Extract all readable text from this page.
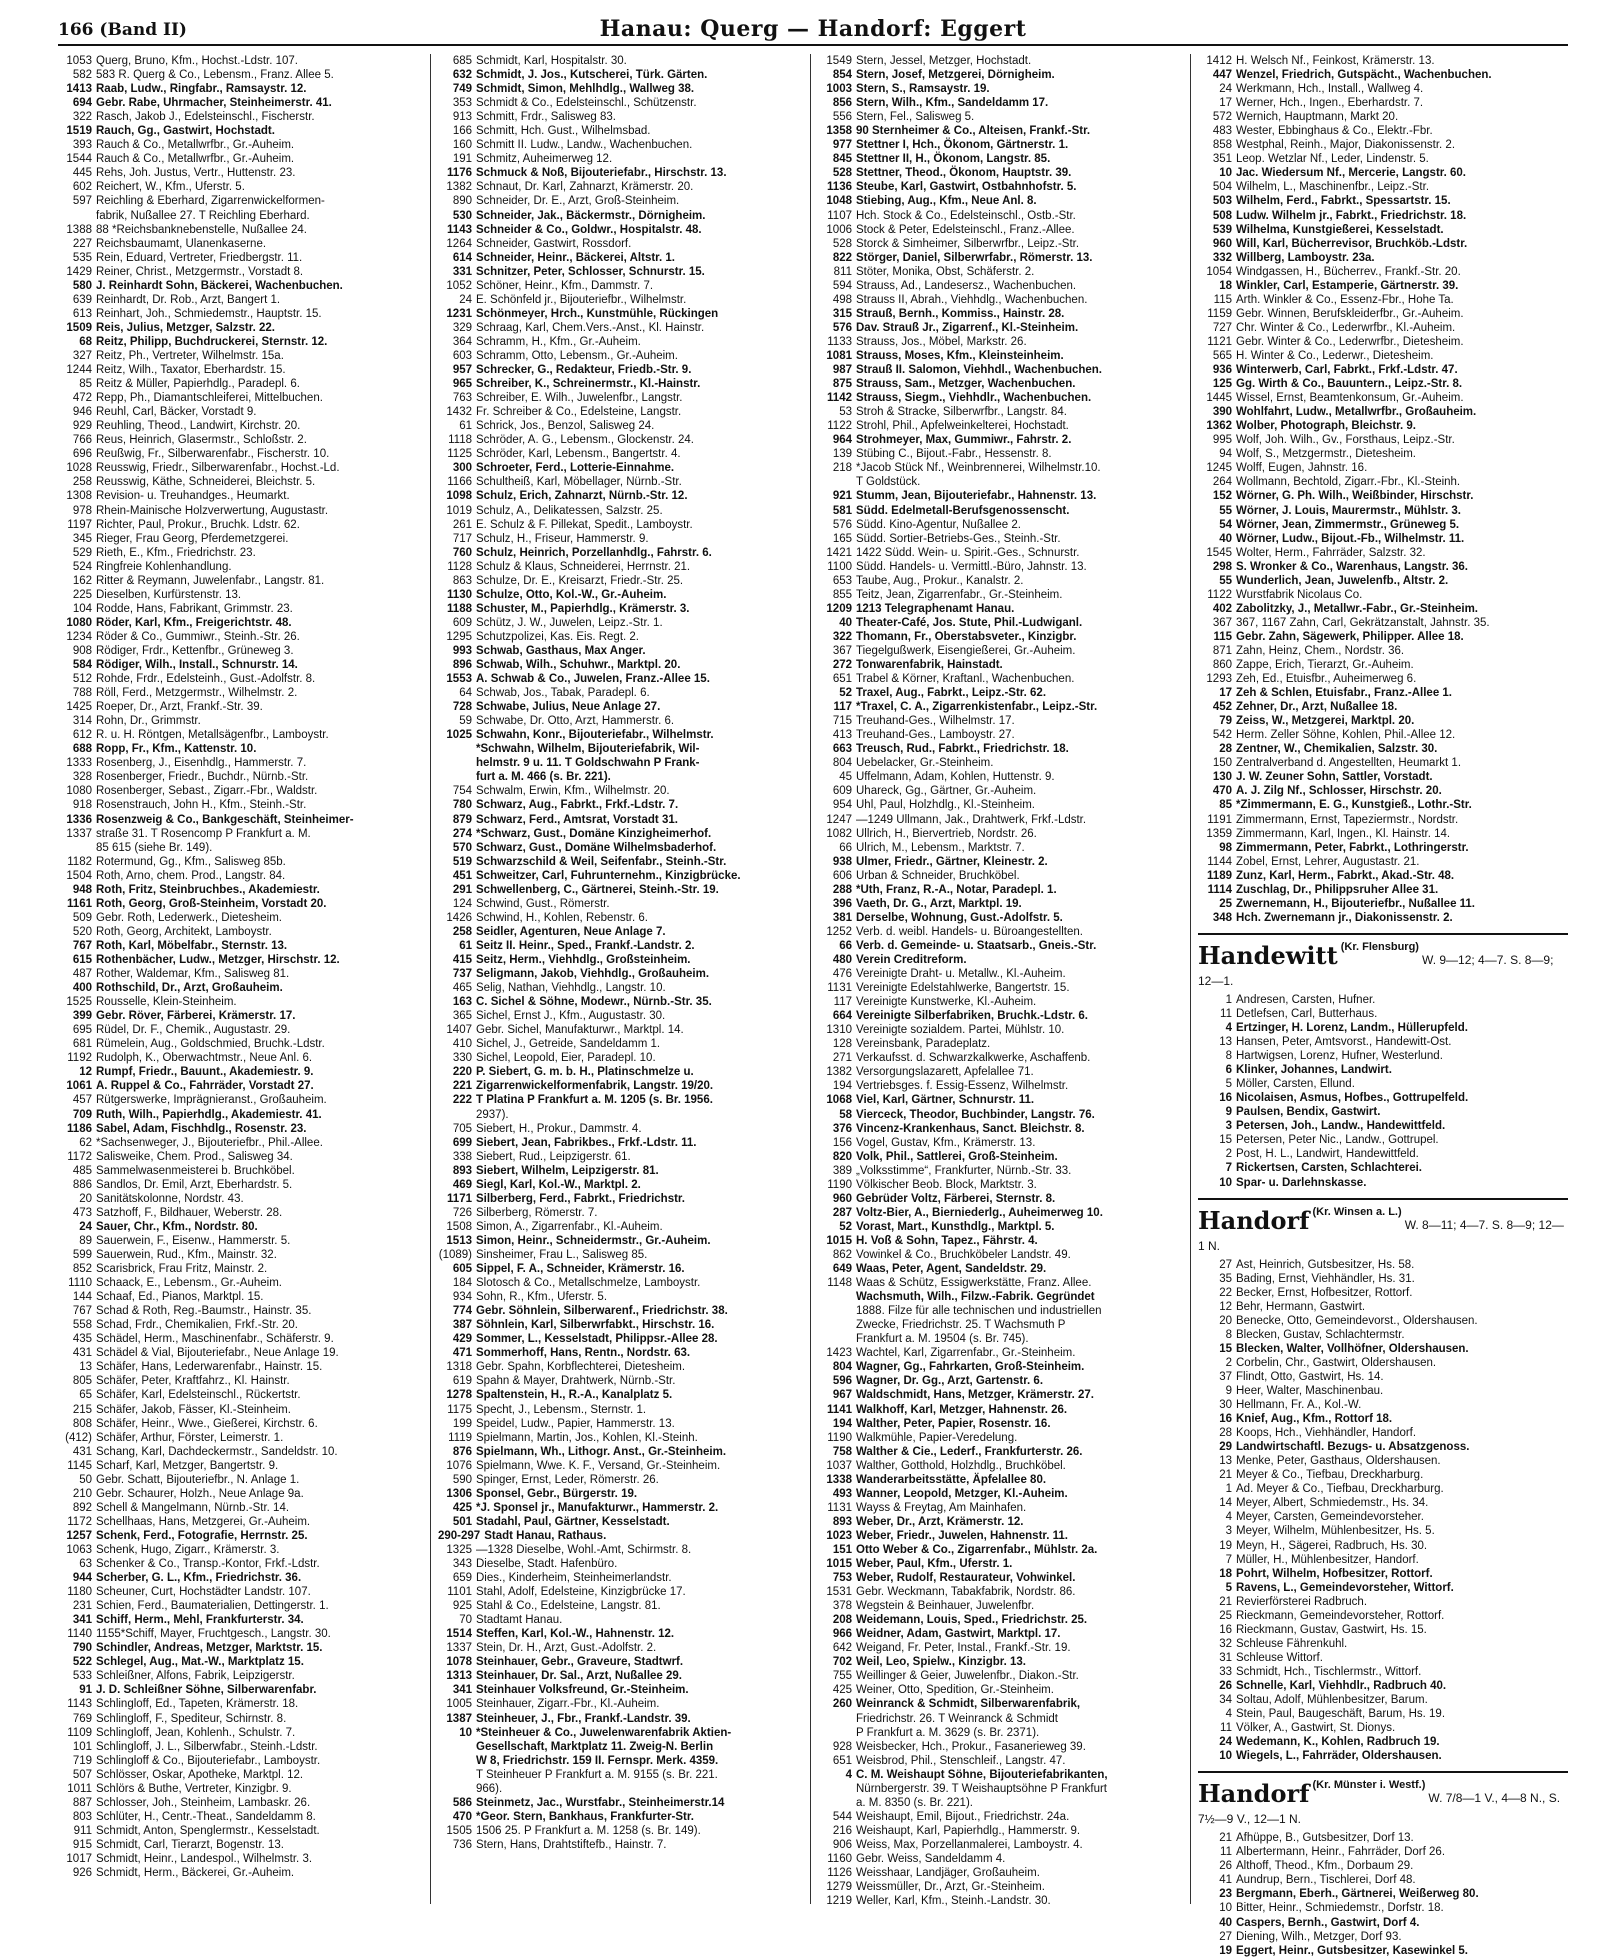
166 (Band II)	Hanau: Querg — Handorf: Eggert
1053 Querg, Bruno, Kfm., Hochst.-Ldstr. 107.
582 583 R. Querg & Co., Lebensm., Franz. Allee 5.
1413 Raab, Ludw., Ringfabr., Ramsaystr. 12.
694 Gebr. Rabe, Uhrmacher, Steinheimerstr. 41.
322 Rasch, Jakob J., Edelsteinschl., Fischerstr.
1519 Rauch, Gg., Gastwirt, Hochstadt.
393 Rauch & Co., Metallwrfbr., Gr.-Auheim.
1544 Rauch & Co., Metallwrfbr., Gr.-Auheim.
445 Rehs, Joh. Justus, Vertr., Huttenstr. 23.
602 Reichert, W., Kfm., Uferstr. 5.
597 Reichling & Eberhard, Zigarrenwickelformen-
fabrik, Nußallee 27. T Reichling Eberhard.
1388 88 *Reichsbanknebenstelle, Nußallee 24.
227 Reichsbaumamt, Ulanenkaserne.
535 Rein, Eduard, Vertreter, Friedbergstr. 11.
1429 Reiner, Christ., Metzgermstr., Vorstadt 8.
580 J. Reinhardt Sohn, Bäckerei, Wachenbuchen.
639 Reinhardt, Dr. Rob., Arzt, Bangert 1.
613 Reinhart, Joh., Schmiedemstr., Hauptstr. 15.
1509 Reis, Julius, Metzger, Salzstr. 22.
68 Reitz, Philipp, Buchdruckerei, Sternstr. 12.
327 Reitz, Ph., Vertreter, Wilhelmstr. 15a.
1244 Reitz, Wilh., Taxator, Eberhardstr. 15.
85 Reitz & Müller, Papierhdlg., Paradepl. 6.
472 Repp, Ph., Diamantschleiferei, Mittelbuchen.
946 Reuhl, Carl, Bäcker, Vorstadt 9.
929 Reuhling, Theod., Landwirt, Kirchstr. 20.
766 Reus, Heinrich, Glasermstr., Schloßstr. 2.
696 Reußwig, Fr., Silberwarenfabr., Fischerstr. 10.
1028 Reusswig, Friedr., Silberwarenfabr., Hochst.-Ld.
258 Reusswig, Käthe, Schneiderei, Bleichstr. 5.
1308 Revision- u. Treuhandges., Heumarkt.
978 Rhein-Mainische Holzverwertung, Augustastr.
1197 Richter, Paul, Prokur., Bruchk. Ldstr. 62.
345 Rieger, Frau Georg, Pferdemetzgerei.
529 Rieth, E., Kfm., Friedrichstr. 23.
524 Ringfreie Kohlenhandlung.
162 Ritter & Reymann, Juwelenfabr., Langstr. 81.
225 Dieselben, Kurfürstenstr. 13.
104 Rodde, Hans, Fabrikant, Grimmstr. 23.
1080 Röder, Karl, Kfm., Freigerichtstr. 48.
1234 Röder & Co., Gummiwr., Steinh.-Str. 26.
908 Rödiger, Frdr., Kettenfbr., Grüneweg 3.
584 Rödiger, Wilh., Install., Schnurstr. 14.
512 Rohde, Frdr., Edelsteinh., Gust.-Adolfstr. 8.
788 Röll, Ferd., Metzgermstr., Wilhelmstr. 2.
1425 Roeper, Dr., Arzt, Frankf.-Str. 39.
314 Rohn, Dr., Grimmstr.
612 R. u. H. Röntgen, Metallsägenfbr., Lamboystr.
688 Ropp, Fr., Kfm., Kattenstr. 10.
1333 Rosenberg, J., Eisenhdlg., Hammerstr. 7.
328 Rosenberger, Friedr., Buchdr., Nürnb.-Str.
1080 Rosenberger, Sebast., Zigarr.-Fbr., Waldstr.
918 Rosenstrauch, John H., Kfm., Steinh.-Str.
1336 Rosenzweig & Co., Bankgeschäft, Steinheimer-
1337 straße 31. T Rosencomp P Frankfurt a. M.
85 615 (siehe Br. 149).
1182 Rotermund, Gg., Kfm., Salisweg 85b.
1504 Roth, Arno, chem. Prod., Langstr. 84.
948 Roth, Fritz, Steinbruchbes., Akademiestr.
1161 Roth, Georg, Groß-Steinheim, Vorstadt 20.
509 Gebr. Roth, Lederwerk., Dietesheim.
520 Roth, Georg, Architekt, Lamboystr.
767 Roth, Karl, Möbelfabr., Sternstr. 13.
615 Rothenbächer, Ludw., Metzger, Hirschstr. 12.
487 Rother, Waldemar, Kfm., Salisweg 81.
400 Rothschild, Dr., Arzt, Großauheim.
1525 Rousselle, Klein-Steinheim.
399 Gebr. Röver, Färberei, Krämerstr. 17.
695 Rüdel, Dr. F., Chemik., Augustastr. 29.
681 Rümelein, Aug., Goldschmied, Bruchk.-Ldstr.
1192 Rudolph, K., Oberwachtmstr., Neue Anl. 6.
12 Rumpf, Friedr., Bauunt., Akademiestr. 9.
1061 A. Ruppel & Co., Fahrräder, Vorstadt 27.
457 Rütgerswerke, Imprägnieranst., Großauheim.
709 Ruth, Wilh., Papierhdlg., Akademiestr. 41.
1186 Sabel, Adam, Fischhdlg., Rosenstr. 23.
62 *Sachsenweger, J., Bijouteriefbr., Phil.-Allee.
1172 Salisweike, Chem. Prod., Salisweg 34.
485 Sammelwasenmeisterei b. Bruchköbel.
886 Sandlos, Dr. Emil, Arzt, Eberhardstr. 5.
20 Sanitätskolonne, Nordstr. 43.
473 Satzhoff, F., Bildhauer, Weberstr. 28.
24 Sauer, Chr., Kfm., Nordstr. 80.
89 Sauerwein, F., Eisenw., Hammerstr. 5.
599 Sauerwein, Rud., Kfm., Mainstr. 32.
852 Scarisbrick, Frau Fritz, Mainstr. 2.
1110 Schaack, E., Lebensm., Gr.-Auheim.
144 Schaaf, Ed., Pianos, Marktpl. 15.
767 Schad & Roth, Reg.-Baumstr., Hainstr. 35.
558 Schad, Frdr., Chemikalien, Frkf.-Str. 20.
435 Schädel, Herm., Maschinenfabr., Schäferstr. 9.
431 Schädel & Vial, Bijouteriefabr., Neue Anlage 19.
13 Schäfer, Hans, Lederwarenfabr., Hainstr. 15.
805 Schäfer, Peter, Kraftfahrz., Kl. Hainstr.
65 Schäfer, Karl, Edelsteinschl., Rückertstr.
215 Schäfer, Jakob, Fässer, Kl.-Steinheim.
808 Schäfer, Heinr., Wwe., Gießerei, Kirchstr. 6.
(412) Schäfer, Arthur, Förster, Leimerstr. 1.
431 Schang, Karl, Dachdeckermstr., Sandeldstr. 10.
1145 Scharf, Karl, Metzger, Bangertstr. 9.
50 Gebr. Schatt, Bijouteriefbr., N. Anlage 1.
210 Gebr. Schaurer, Holzh., Neue Anlage 9a.
892 Schell & Mangelmann, Nürnb.-Str. 14.
1172 Schellhaas, Hans, Metzgerei, Gr.-Auheim.
1257 Schenk, Ferd., Fotografie, Herrnstr. 25.
1063 Schenk, Hugo, Zigarr., Krämerstr. 3.
63 Schenker & Co., Transp.-Kontor, Frkf.-Ldstr.
944 Scherber, G. L., Kfm., Friedrichstr. 36.
1180 Scheuner, Curt, Hochstädter Landstr. 107.
231 Schien, Ferd., Baumaterialien, Dettingerstr. 1.
341 Schiff, Herm., Mehl, Frankfurterstr. 34.
1140 1155*Schiff, Mayer, Fruchtgesch., Langstr. 30.
790 Schindler, Andreas, Metzger, Marktstr. 15.
522 Schlegel, Aug., Mat.-W., Marktplatz 15.
533 Schleißner, Alfons, Fabrik, Leipzigerstr.
91 J. D. Schleißner Söhne, Silberwarenfabr.
1143 Schlingloff, Ed., Tapeten, Krämerstr. 18.
769 Schlingloff, F., Spediteur, Schirnstr. 8.
1109 Schlingloff, Jean, Kohlenh., Schulstr. 7.
101 Schlingloff, J. L., Silberwfabr., Steinh.-Ldstr.
719 Schlingloff & Co., Bijouteriefabr., Lamboystr.
507 Schlösser, Oskar, Apotheke, Marktpl. 12.
1011 Schlörs & Buthe, Vertreter, Kinzigbr. 9.
887 Schlosser, Joh., Steinheim, Lambaskr. 26.
803 Schlüter, H., Centr.-Theat., Sandeldamm 8.
911 Schmidt, Anton, Spenglermstr., Kesselstadt.
915 Schmidt, Carl, Tierarzt, Bogenstr. 13.
1017 Schmidt, Heinr., Landespol., Wilhelmstr. 3.
926 Schmidt, Herm., Bäckerei, Gr.-Auheim.
685 Schmidt, Karl, Hospitalstr. 30.
632 Schmidt, J. Jos., Kutscherei, Türk. Gärten.
749 Schmidt, Simon, Mehlhdlg., Wallweg 38.
353 Schmidt & Co., Edelsteinschl., Schützenstr.
913 Schmitt, Frdr., Salisweg 83.
166 Schmitt, Hch. Gust., Wilhelmsbad.
160 Schmitt II. Ludw., Landw., Wachenbuchen.
191 Schmitz, Auheimerweg 12.
1176 Schmuck & Noß, Bijouteriefabr., Hirschstr. 13.
1382 Schnaut, Dr. Karl, Zahnarzt, Krämerstr. 20.
890 Schneider, Dr. E., Arzt, Groß-Steinheim.
530 Schneider, Jak., Bäckermstr., Dörnigheim.
1143 Schneider & Co., Goldwr., Hospitalstr. 48.
1264 Schneider, Gastwirt, Rossdorf.
614 Schneider, Heinr., Bäckerei, Altstr. 1.
331 Schnitzer, Peter, Schlosser, Schnurstr. 15.
1052 Schöner, Heinr., Kfm., Dammstr. 7.
24 E. Schönfeld jr., Bijouteriefbr., Wilhelmstr.
1231 Schönmeyer, Hrch., Kunstmühle, Rückingen
329 Schraag, Karl, Chem.Vers.-Anst., Kl. Hainstr.
364 Schramm, H., Kfm., Gr.-Auheim.
603 Schramm, Otto, Lebensm., Gr.-Auheim.
957 Schrecker, G., Redakteur, Friedb.-Str. 9.
965 Schreiber, K., Schreinermstr., Kl.-Hainstr.
763 Schreiber, E. Wilh., Juwelenfbr., Langstr.
1432 Fr. Schreiber & Co., Edelsteine, Langstr.
61 Schrick, Jos., Benzol, Salisweg 24.
1118 Schröder, A. G., Lebensm., Glockenstr. 24.
1125 Schröder, Karl, Lebensm., Bangertstr. 4.
300 Schroeter, Ferd., Lotterie-Einnahme.
1166 Schultheiß, Karl, Möbellager, Nürnb.-Str.
1098 Schulz, Erich, Zahnarzt, Nürnb.-Str. 12.
1019 Schulz, A., Delikatessen, Salzstr. 25.
261 E. Schulz & F. Pillekat, Spedit., Lamboystr.
717 Schulz, H., Friseur, Hammerstr. 9.
760 Schulz, Heinrich, Porzellanhdlg., Fahrstr. 6.
1128 Schulz & Klaus, Schneiderei, Herrnstr. 21.
863 Schulze, Dr. E., Kreisarzt, Friedr.-Str. 25.
1130 Schulze, Otto, Kol.-W., Gr.-Auheim.
1188 Schuster, M., Papierhdlg., Krämerstr. 3.
609 Schütz, J. W., Juwelen, Leipz.-Str. 1.
1295 Schutzpolizei, Kas. Eis. Regt. 2.
993 Schwab, Gasthaus, Max Anger.
896 Schwab, Wilh., Schuhwr., Marktpl. 20.
1553 A. Schwab & Co., Juwelen, Franz.-Allee 15.
64 Schwab, Jos., Tabak, Paradepl. 6.
728 Schwabe, Julius, Neue Anlage 27.
59 Schwabe, Dr. Otto, Arzt, Hammerstr. 6.
1025 Schwahn, Konr., Bijouteriefabr., Wilhelmstr.
*Schwahn, Wilhelm, Bijouteriefabrik, Wil-
helmstr. 9 u. 11. T Goldschwahn P Frank-
furt a. M. 466 (s. Br. 221).
754 Schwalm, Erwin, Kfm., Wilhelmstr. 20.
780 Schwarz, Aug., Fabrkt., Frkf.-Ldstr. 7.
879 Schwarz, Ferd., Amtsrat, Vorstadt 31.
274 *Schwarz, Gust., Domäne Kinzigheimerhof.
570 Schwarz, Gust., Domäne Wilhelmsbaderhof.
519 Schwarzschild & Weil, Seifenfabr., Steinh.-Str.
451 Schweitzer, Carl, Fuhrunternehm., Kinzigbrücke.
291 Schwellenberg, C., Gärtnerei, Steinh.-Str. 19.
124 Schwind, Gust., Römerstr.
1426 Schwind, H., Kohlen, Rebenstr. 6.
258 Seidler, Agenturen, Neue Anlage 7.
61 Seitz II. Heinr., Sped., Frankf.-Landstr. 2.
415 Seitz, Herm., Viehhdlg., Großsteinheim.
737 Seligmann, Jakob, Viehhdlg., Großauheim.
465 Selig, Nathan, Viehhdlg., Langstr. 10.
163 C. Sichel & Söhne, Modewr., Nürnb.-Str. 35.
365 Sichel, Ernst J., Kfm., Augustastr. 30.
1407 Gebr. Sichel, Manufakturwr., Marktpl. 14.
410 Sichel, J., Getreide, Sandeldamm 1.
330 Sichel, Leopold, Eier, Paradepl. 10.
220 P. Siebert, G. m. b. H., Platinschmelze u.
221 Zigarrenwickelformenfabrik, Langstr. 19/20.
222 T Platina P Frankfurt a. M. 1205 (s. Br. 1956.
2937).
705 Siebert, H., Prokur., Dammstr. 4.
699 Siebert, Jean, Fabrikbes., Frkf.-Ldstr. 11.
338 Siebert, Rud., Leipzigerstr. 61.
893 Siebert, Wilhelm, Leipzigerstr. 81.
469 Siegl, Karl, Kol.-W., Marktpl. 2.
1171 Silberberg, Ferd., Fabrkt., Friedrichstr.
726 Silberberg, Römerstr. 7.
1508 Simon, A., Zigarrenfabr., Kl.-Auheim.
1513 Simon, Heinr., Schneidermstr., Gr.-Auheim.
(1089) Sinsheimer, Frau L., Salisweg 85.
605 Sippel, F. A., Schneider, Krämerstr. 16.
184 Slotosch & Co., Metallschmelze, Lamboystr.
934 Sohn, R., Kfm., Uferstr. 5.
774 Gebr. Söhnlein, Silberwarenf., Friedrichstr. 38.
387 Söhnlein, Karl, Silberwrfabkt., Hirschstr. 16.
429 Sommer, L., Kesselstadt, Philippsr.-Allee 28.
471 Sommerhoff, Hans, Rentn., Nordstr. 63.
1318 Gebr. Spahn, Korbflechterei, Dietesheim.
619 Spahn & Mayer, Drahtwerk, Nürnb.-Str.
1278 Spaltenstein, H., R.-A., Kanalplatz 5.
1175 Specht, J., Lebensm., Sternstr. 1.
199 Speidel, Ludw., Papier, Hammerstr. 13.
1119 Spielmann, Martin, Jos., Kohlen, Kl.-Steinh.
876 Spielmann, Wh., Lithogr. Anst., Gr.-Steinheim.
1076 Spielmann, Wwe. K. F., Versand, Gr.-Steinheim.
590 Spinger, Ernst, Leder, Römerstr. 26.
1306 Sponsel, Gebr., Bürgerstr. 19.
425 *J. Sponsel jr., Manufakturwr., Hammerstr. 2.
501 Stadahl, Paul, Gärtner, Kesselstadt.
290-297 Stadt Hanau, Rathaus.
1325 —1328 Dieselbe, Wohl.-Amt, Schirmstr. 8.
343 Dieselbe, Stadt. Hafenbüro.
659 Dies., Kinderheim, Steinheimerlandstr.
1101 Stahl, Adolf, Edelsteine, Kinzigbrücke 17.
925 Stahl & Co., Edelsteine, Langstr. 81.
70 Stadtamt Hanau.
1514 Steffen, Karl, Kol.-W., Hahnenstr. 12.
1337 Stein, Dr. H., Arzt, Gust.-Adolfstr. 2.
1078 Steinhauer, Gebr., Graveure, Stadtwrf.
1313 Steinhauer, Dr. Sal., Arzt, Nußallee 29.
341 Steinhauer Volksfreund, Gr.-Steinheim.
1005 Steinhauer, Zigarr.-Fbr., Kl.-Auheim.
1387 Steinheuer, J., Fbr., Frankf.-Landstr. 39.
10 *Steinheuer & Co., Juwelenwarenfabrik Aktien-
Gesellschaft, Marktplatz 11. Zweig-N. Berlin
W 8, Friedrichstr. 159 II. Fernspr. Merk. 4359.
T Steinheuer P Frankfurt a. M. 9155 (s. Br. 221.
966).
586 Steinmetz, Jac., Wurstfabr., Steinheimerstr.14
470 *Geor. Stern, Bankhaus, Frankfurter-Str.
1505 1506 25. P Frankfurt a. M. 1258 (s. Br. 149).
736 Stern, Hans, Drahtstiftefb., Hainstr. 7.
1549 Stern, Jessel, Metzger, Hochstadt.
854 Stern, Josef, Metzgerei, Dörnigheim.
1003 Stern, S., Ramsaystr. 19.
856 Stern, Wilh., Kfm., Sandeldamm 17.
556 Stern, Fel., Salisweg 5.
1358 90 Sternheimer & Co., Alteisen, Frankf.-Str.
977 Stettner I, Hch., Ökonom, Gärtnerstr. 1.
845 Stettner II, H., Ökonom, Langstr. 85.
528 Stettner, Theod., Ökonom, Hauptstr. 39.
1136 Steube, Karl, Gastwirt, Ostbahnhofstr. 5.
1048 Stiebing, Aug., Kfm., Neue Anl. 8.
1107 Hch. Stock & Co., Edelsteinschl., Ostb.-Str.
1006 Stock & Peter, Edelsteinschl., Franz.-Allee.
528 Storck & Simheimer, Silberwrfbr., Leipz.-Str.
822 Störger, Daniel, Silberwrfabr., Römerstr. 13.
811 Stöter, Monika, Obst, Schäferstr. 2.
594 Strauss, Ad., Landesersz., Wachenbuchen.
498 Strauss II, Abrah., Viehhdlg., Wachenbuchen.
315 Strauß, Bernh., Kommiss., Hainstr. 28.
576 Dav. Strauß Jr., Zigarrenf., Kl.-Steinheim.
1133 Strauss, Jos., Möbel, Markstr. 26.
1081 Strauss, Moses, Kfm., Kleinsteinheim.
987 Strauß II. Salomon, Viehhdl., Wachenbuchen.
875 Strauss, Sam., Metzger, Wachenbuchen.
1142 Strauss, Siegm., Viehhdlr., Wachenbuchen.
53 Stroh & Stracke, Silberwrfbr., Langstr. 84.
1122 Strohl, Phil., Apfelweinkelterei, Hochstadt.
964 Strohmeyer, Max, Gummiwr., Fahrstr. 2.
139 Stübing C., Bijout.-Fabr., Hessenstr. 8.
218 *Jacob Stück Nf., Weinbrennerei, Wilhelmstr.10.
T Goldstück.
921 Stumm, Jean, Bijouteriefabr., Hahnenstr. 13.
581 Südd. Edelmetall-Berufsgenossenscht.
576 Südd. Kino-Agentur, Nußallee 2.
165 Südd. Sortier-Betriebs-Ges., Steinh.-Str.
1421 1422 Südd. Wein- u. Spirit.-Ges., Schnurstr.
1100 Südd. Handels- u. Vermittl.-Büro, Jahnstr. 13.
653 Taube, Aug., Prokur., Kanalstr. 2.
855 Teitz, Jean, Zigarrenfabr., Gr.-Steinheim.
1209 1213 Telegraphenamt Hanau.
40 Theater-Café, Jos. Stute, Phil.-Ludwiganl.
322 Thomann, Fr., Oberstabsveter., Kinzigbr.
367 Tiegelgußwerk, Eisengießerei, Gr.-Auheim.
272 Tonwarenfabrik, Hainstadt.
651 Trabel & Körner, Kraftanl., Wachenbuchen.
52 Traxel, Aug., Fabrkt., Leipz.-Str. 62.
117 *Traxel, C. A., Zigarrenkistenfabr., Leipz.-Str.
715 Treuhand-Ges., Wilhelmstr. 17.
413 Treuhand-Ges., Lamboystr. 27.
663 Treusch, Rud., Fabrkt., Friedrichstr. 18.
804 Uebelacker, Gr.-Steinheim.
45 Uffelmann, Adam, Kohlen, Huttenstr. 9.
609 Uhareck, Gg., Gärtner, Gr.-Auheim.
954 Uhl, Paul, Holzhdlg., Kl.-Steinheim.
1247 —1249 Ullmann, Jak., Drahtwerk, Frkf.-Ldstr.
1082 Ullrich, H., Biervertrieb, Nordstr. 26.
66 Ulrich, M., Lebensm., Marktstr. 7.
938 Ulmer, Friedr., Gärtner, Kleinestr. 2.
606 Urban & Schneider, Bruchköbel.
288 *Uth, Franz, R.-A., Notar, Paradepl. 1.
396 Vaeth, Dr. G., Arzt, Marktpl. 19.
381 Derselbe, Wohnung, Gust.-Adolfstr. 5.
1252 Verb. d. weibl. Handels- u. Büroangestellten.
66 Verb. d. Gemeinde- u. Staatsarb., Gneis.-Str.
480 Verein Creditreform.
476 Vereinigte Draht- u. Metallw., Kl.-Auheim.
1131 Vereinigte Edelstahlwerke, Bangertstr. 15.
117 Vereinigte Kunstwerke, Kl.-Auheim.
664 Vereinigte Silberfabriken, Bruchk.-Ldstr. 6.
1310 Vereinigte sozialdem. Partei, Mühlstr. 10.
128 Vereinsbank, Paradeplatz.
271 Verkaufsst. d. Schwarzkalkwerke, Aschaffenb.
1382 Versorgungslazarett, Apfelallee 71.
194 Vertriebsges. f. Essig-Essenz, Wilhelmstr.
1068 Viel, Karl, Gärtner, Schnurstr. 11.
58 Vierceck, Theodor, Buchbinder, Langstr. 76.
376 Vincenz-Krankenhaus, Sanct. Bleichstr. 8.
156 Vogel, Gustav, Kfm., Krämerstr. 13.
820 Volk, Phil., Sattlerei, Groß-Steinheim.
389 „Volksstimme“, Frankfurter, Nürnb.-Str. 33.
1190 Völkischer Beob. Block, Marktstr. 3.
960 Gebrüder Voltz, Färberei, Sternstr. 8.
287 Voltz-Bier, A., Bierniederlg., Auheimerweg 10.
52 Vorast, Mart., Kunsthdlg., Marktpl. 5.
1015 H. Voß & Sohn, Tapez., Fährstr. 4.
862 Vowinkel & Co., Bruchköbeler Landstr. 49.
649 Waas, Peter, Agent, Sandeldstr. 29.
1148 Waas & Schütz, Essigwerkstätte, Franz. Allee.
Wachsmuth, Wilh., Filzw.-Fabrik. Gegründet
1888. Filze für alle technischen und industriellen
Zwecke, Friedrichstr. 25. T Wachsmuth P
Frankfurt a. M. 19504 (s. Br. 745).
1423 Wachtel, Karl, Zigarrenfabr., Gr.-Steinheim.
804 Wagner, Gg., Fahrkarten, Groß-Steinheim.
596 Wagner, Dr. Gg., Arzt, Gartenstr. 6.
967 Waldschmidt, Hans, Metzger, Krämerstr. 27.
1141 Walkhoff, Karl, Metzger, Hahnenstr. 26.
194 Walther, Peter, Papier, Rosenstr. 16.
1190 Walkmühle, Papier-Veredelung.
758 Walther & Cie., Lederf., Frankfurterstr. 26.
1037 Walther, Gotthold, Holzhdlg., Bruchköbel.
1338 Wanderarbeitsstätte, Äpfelallee 80.
493 Wanner, Leopold, Metzger, Kl.-Auheim.
1131 Wayss & Freytag, Am Mainhafen.
893 Weber, Dr., Arzt, Krämerstr. 12.
1023 Weber, Friedr., Juwelen, Hahnenstr. 11.
151 Otto Weber & Co., Zigarrenfabr., Mühlstr. 2a.
1015 Weber, Paul, Kfm., Uferstr. 1.
753 Weber, Rudolf, Restaurateur, Vohwinkel.
1531 Gebr. Weckmann, Tabakfabrik, Nordstr. 86.
378 Wegstein & Beinhauer, Juwelenfbr.
208 Weidemann, Louis, Sped., Friedrichstr. 25.
966 Weidner, Adam, Gastwirt, Marktpl. 17.
642 Weigand, Fr. Peter, Instal., Frankf.-Str. 19.
702 Weil, Leo, Spielw., Kinzigbr. 13.
755 Weillinger & Geier, Juwelenfbr., Diakon.-Str.
425 Weiner, Otto, Spedition, Gr.-Steinheim.
260 Weinranck & Schmidt, Silberwarenfabrik,
Friedrichstr. 26. T Weinranck & Schmidt
P Frankfurt a. M. 3629 (s. Br. 2371).
928 Weisbecker, Hch., Prokur., Fasanerieweg 39.
651 Weisbrod, Phil., Stenschleif., Langstr. 47.
4 C. M. Weishaupt Söhne, Bijouteriefabrikanten,
Nürnbergerstr. 39. T Weishauptsöhne P Frankfurt
a. M. 8350 (s. Br. 221).
544 Weishaupt, Emil, Bijout., Friedrichstr. 24a.
216 Weishaupt, Karl, Papierhdlg., Hammerstr. 9.
906 Weiss, Max, Porzellanmalerei, Lamboystr. 4.
1160 Gebr. Weiss, Sandeldamm 4.
1126 Weisshaar, Landjäger, Großauheim.
1279 Weissmüller, Dr., Arzt, Gr.-Steinheim.
1219 Weller, Karl, Kfm., Steinh.-Landstr. 30.
1412 H. Welsch Nf., Feinkost, Krämerstr. 13.
447 Wenzel, Friedrich, Gutspächt., Wachenbuchen.
24 Werkmann, Hch., Install., Wallweg 4.
17 Werner, Hch., Ingen., Eberhardstr. 7.
572 Wernich, Hauptmann, Markt 20.
483 Wester, Ebbinghaus & Co., Elektr.-Fbr.
858 Westphal, Reinh., Major, Diakonissenstr. 2.
351 Leop. Wetzlar Nf., Leder, Lindenstr. 5.
10 Jac. Wiedersum Nf., Mercerie, Langstr. 60.
504 Wilhelm, L., Maschinenfbr., Leipz.-Str.
503 Wilhelm, Ferd., Fabrkt., Spessartstr. 15.
508 Ludw. Wilhelm jr., Fabrkt., Friedrichstr. 18.
539 Wilhelma, Kunstgießerei, Kesselstadt.
960 Will, Karl, Bücherrevisor, Bruchköb.-Ldstr.
332 Willberg, Lamboystr. 23a.
1054 Windgassen, H., Bücherrev., Frankf.-Str. 20.
18 Winkler, Carl, Estamperie, Gärtnerstr. 39.
115 Arth. Winkler & Co., Essenz-Fbr., Hohe Ta.
1159 Gebr. Winnen, Berufskleiderfbr., Gr.-Auheim.
727 Chr. Winter & Co., Lederwrfbr., Kl.-Auheim.
1121 Gebr. Winter & Co., Lederwrfbr., Dietesheim.
565 H. Winter & Co., Lederwr., Dietesheim.
936 Winterwerb, Carl, Fabrkt., Frkf.-Ldstr. 47.
125 Gg. Wirth & Co., Bauuntern., Leipz.-Str. 8.
1445 Wissel, Ernst, Beamtenkonsum, Gr.-Auheim.
390 Wohlfahrt, Ludw., Metallwrfbr., Großauheim.
1362 Wolber, Photograph, Bleichstr. 9.
995 Wolf, Joh. Wilh., Gv., Forsthaus, Leipz.-Str.
94 Wolf, S., Metzgermstr., Dietesheim.
1245 Wolff, Eugen, Jahnstr. 16.
264 Wollmann, Bechtold, Zigarr.-Fbr., Kl.-Steinh.
152 Wörner, G. Ph. Wilh., Weißbinder, Hirschstr.
55 Wörner, J. Louis, Maurermstr., Mühlstr. 3.
54 Wörner, Jean, Zimmermstr., Grüneweg 5.
40 Wörner, Ludw., Bijout.-Fb., Wilhelmstr. 11.
1545 Wolter, Herm., Fahrräder, Salzstr. 32.
298 S. Wronker & Co., Warenhaus, Langstr. 36.
55 Wunderlich, Jean, Juwelenfb., Altstr. 2.
1122 Wurstfabrik Nicolaus Co.
402 Zabolitzky, J., Metallwr.-Fabr., Gr.-Steinheim.
367 367, 1167 Zahn, Carl, Gekrätzanstalt, Jahnstr. 35.
115 Gebr. Zahn, Sägewerk, Philipper. Allee 18.
871 Zahn, Heinz, Chem., Nordstr. 36.
860 Zappe, Erich, Tierarzt, Gr.-Auheim.
1293 Zeh, Ed., Etuisfbr., Auheimerweg 6.
17 Zeh & Schlen, Etuisfabr., Franz.-Allee 1.
452 Zehner, Dr., Arzt, Nußallee 18.
79 Zeiss, W., Metzgerei, Marktpl. 20.
542 Herm. Zeller Söhne, Kohlen, Phil.-Allee 12.
28 Zentner, W., Chemikalien, Salzstr. 30.
150 Zentralverband d. Angestellten, Heumarkt 1.
130 J. W. Zeuner Sohn, Sattler, Vorstadt.
470 A. J. Zilg Nf., Schlosser, Hirschstr. 20.
85 *Zimmermann, E. G., Kunstgieß., Lothr.-Str.
1191 Zimmermann, Ernst, Tapeziermstr., Nordstr.
1359 Zimmermann, Karl, Ingen., Kl. Hainstr. 14.
98 Zimmermann, Peter, Fabrkt., Lothringerstr.
1144 Zobel, Ernst, Lehrer, Augustastr. 21.
1189 Zunz, Karl, Herm., Fabrkt., Akad.-Str. 48.
1114 Zuschlag, Dr., Philippsruher Allee 31.
25 Zwernemann, H., Bijouteriefbr., Nußallee 11.
348 Hch. Zwernemann jr., Diakonissenstr. 2.
Handewitt $^{(Kr. Flensburg)}$ W. 9—12; 4—7. S. 8—9; 12—1.
1 Andresen, Carsten, Hufner.
11 Detlefsen, Carl, Butterhaus.
4 Ertzinger, H. Lorenz, Landm., Hüllerupfeld.
13 Hansen, Peter, Amtsvorst., Handewitt-Ost.
8 Hartwigsen, Lorenz, Hufner, Westerlund.
6 Klinker, Johannes, Landwirt.
5 Möller, Carsten, Ellund.
16 Nicolaisen, Asmus, Hofbes., Gottrupelfeld.
9 Paulsen, Bendix, Gastwirt.
3 Petersen, Joh., Landw., Handewittfeld.
15 Petersen, Peter Nic., Landw., Gottrupel.
2 Post, H. L., Landwirt, Handewittfeld.
7 Rickertsen, Carsten, Schlachterei.
10 Spar- u. Darlehnskasse.
Handorf $^{(Kr. Winsen a. L.)}$ W. 8—11; 4—7. S. 8—9; 12—1 N.
27 Ast, Heinrich, Gutsbesitzer, Hs. 58.
35 Bading, Ernst, Viehhändler, Hs. 31.
22 Becker, Ernst, Hofbesitzer, Rottorf.
12 Behr, Hermann, Gastwirt.
20 Benecke, Otto, Gemeindevorst., Oldershausen.
8 Blecken, Gustav, Schlachtermstr.
15 Blecken, Walter, Vollhöfner, Oldershausen.
2 Corbelin, Chr., Gastwirt, Oldershausen.
37 Flindt, Otto, Gastwirt, Hs. 14.
9 Heer, Walter, Maschinenbau.
30 Hellmann, Fr. A., Kol.-W.
16 Knief, Aug., Kfm., Rottorf 18.
28 Koops, Hch., Viehhändler, Handorf.
29 Landwirtschaftl. Bezugs- u. Absatzgenoss.
13 Menke, Peter, Gasthaus, Oldershausen.
21 Meyer & Co., Tiefbau, Dreckharburg.
1 Ad. Meyer & Co., Tiefbau, Dreckharburg.
14 Meyer, Albert, Schmiedemstr., Hs. 34.
4 Meyer, Carsten, Gemeindevorsteher.
3 Meyer, Wilhelm, Mühlenbesitzer, Hs. 5.
19 Meyn, H., Sägerei, Radbruch, Hs. 30.
7 Müller, H., Mühlenbesitzer, Handorf.
18 Pohrt, Wilhelm, Hofbesitzer, Rottorf.
5 Ravens, L., Gemeindevorsteher, Wittorf.
21 Revierförsterei Radbruch.
25 Rieckmann, Gemeindevorsteher, Rottorf.
16 Rieckmann, Gustav, Gastwirt, Hs. 15.
32 Schleuse Fährenkuhl.
31 Schleuse Wittorf.
33 Schmidt, Hch., Tischlermstr., Wittorf.
26 Schnelle, Karl, Viehhdlr., Radbruch 40.
34 Soltau, Adolf, Mühlenbesitzer, Barum.
4 Stein, Paul, Baugeschäft, Barum, Hs. 19.
11 Völker, A., Gastwirt, St. Dionys.
24 Wedemann, K., Kohlen, Radbruch 19.
10 Wiegels, L., Fahrräder, Oldershausen.
Handorf $^{(Kr. Münster i. Westf.)}$ W. 7/8—1 V., 4—8 N., S. 7½—9 V., 12—1 N.
21 Afhüppe, B., Gutsbesitzer, Dorf 13.
11 Albertermann, Heinr., Fahrräder, Dorf 26.
26 Althoff, Theod., Kfm., Dorbaum 29.
41 Aundrup, Bern., Tischlerei, Dorf 48.
23 Bergmann, Eberh., Gärtnerei, Weißerweg 80.
10 Bitter, Heinr., Schmiedemstr., Dorfstr. 18.
40 Caspers, Bernh., Gastwirt, Dorf 4.
27 Diening, Wilh., Metzger, Dorf 93.
19 Eggert, Heinr., Gutsbesitzer, Kasewinkel 5.
